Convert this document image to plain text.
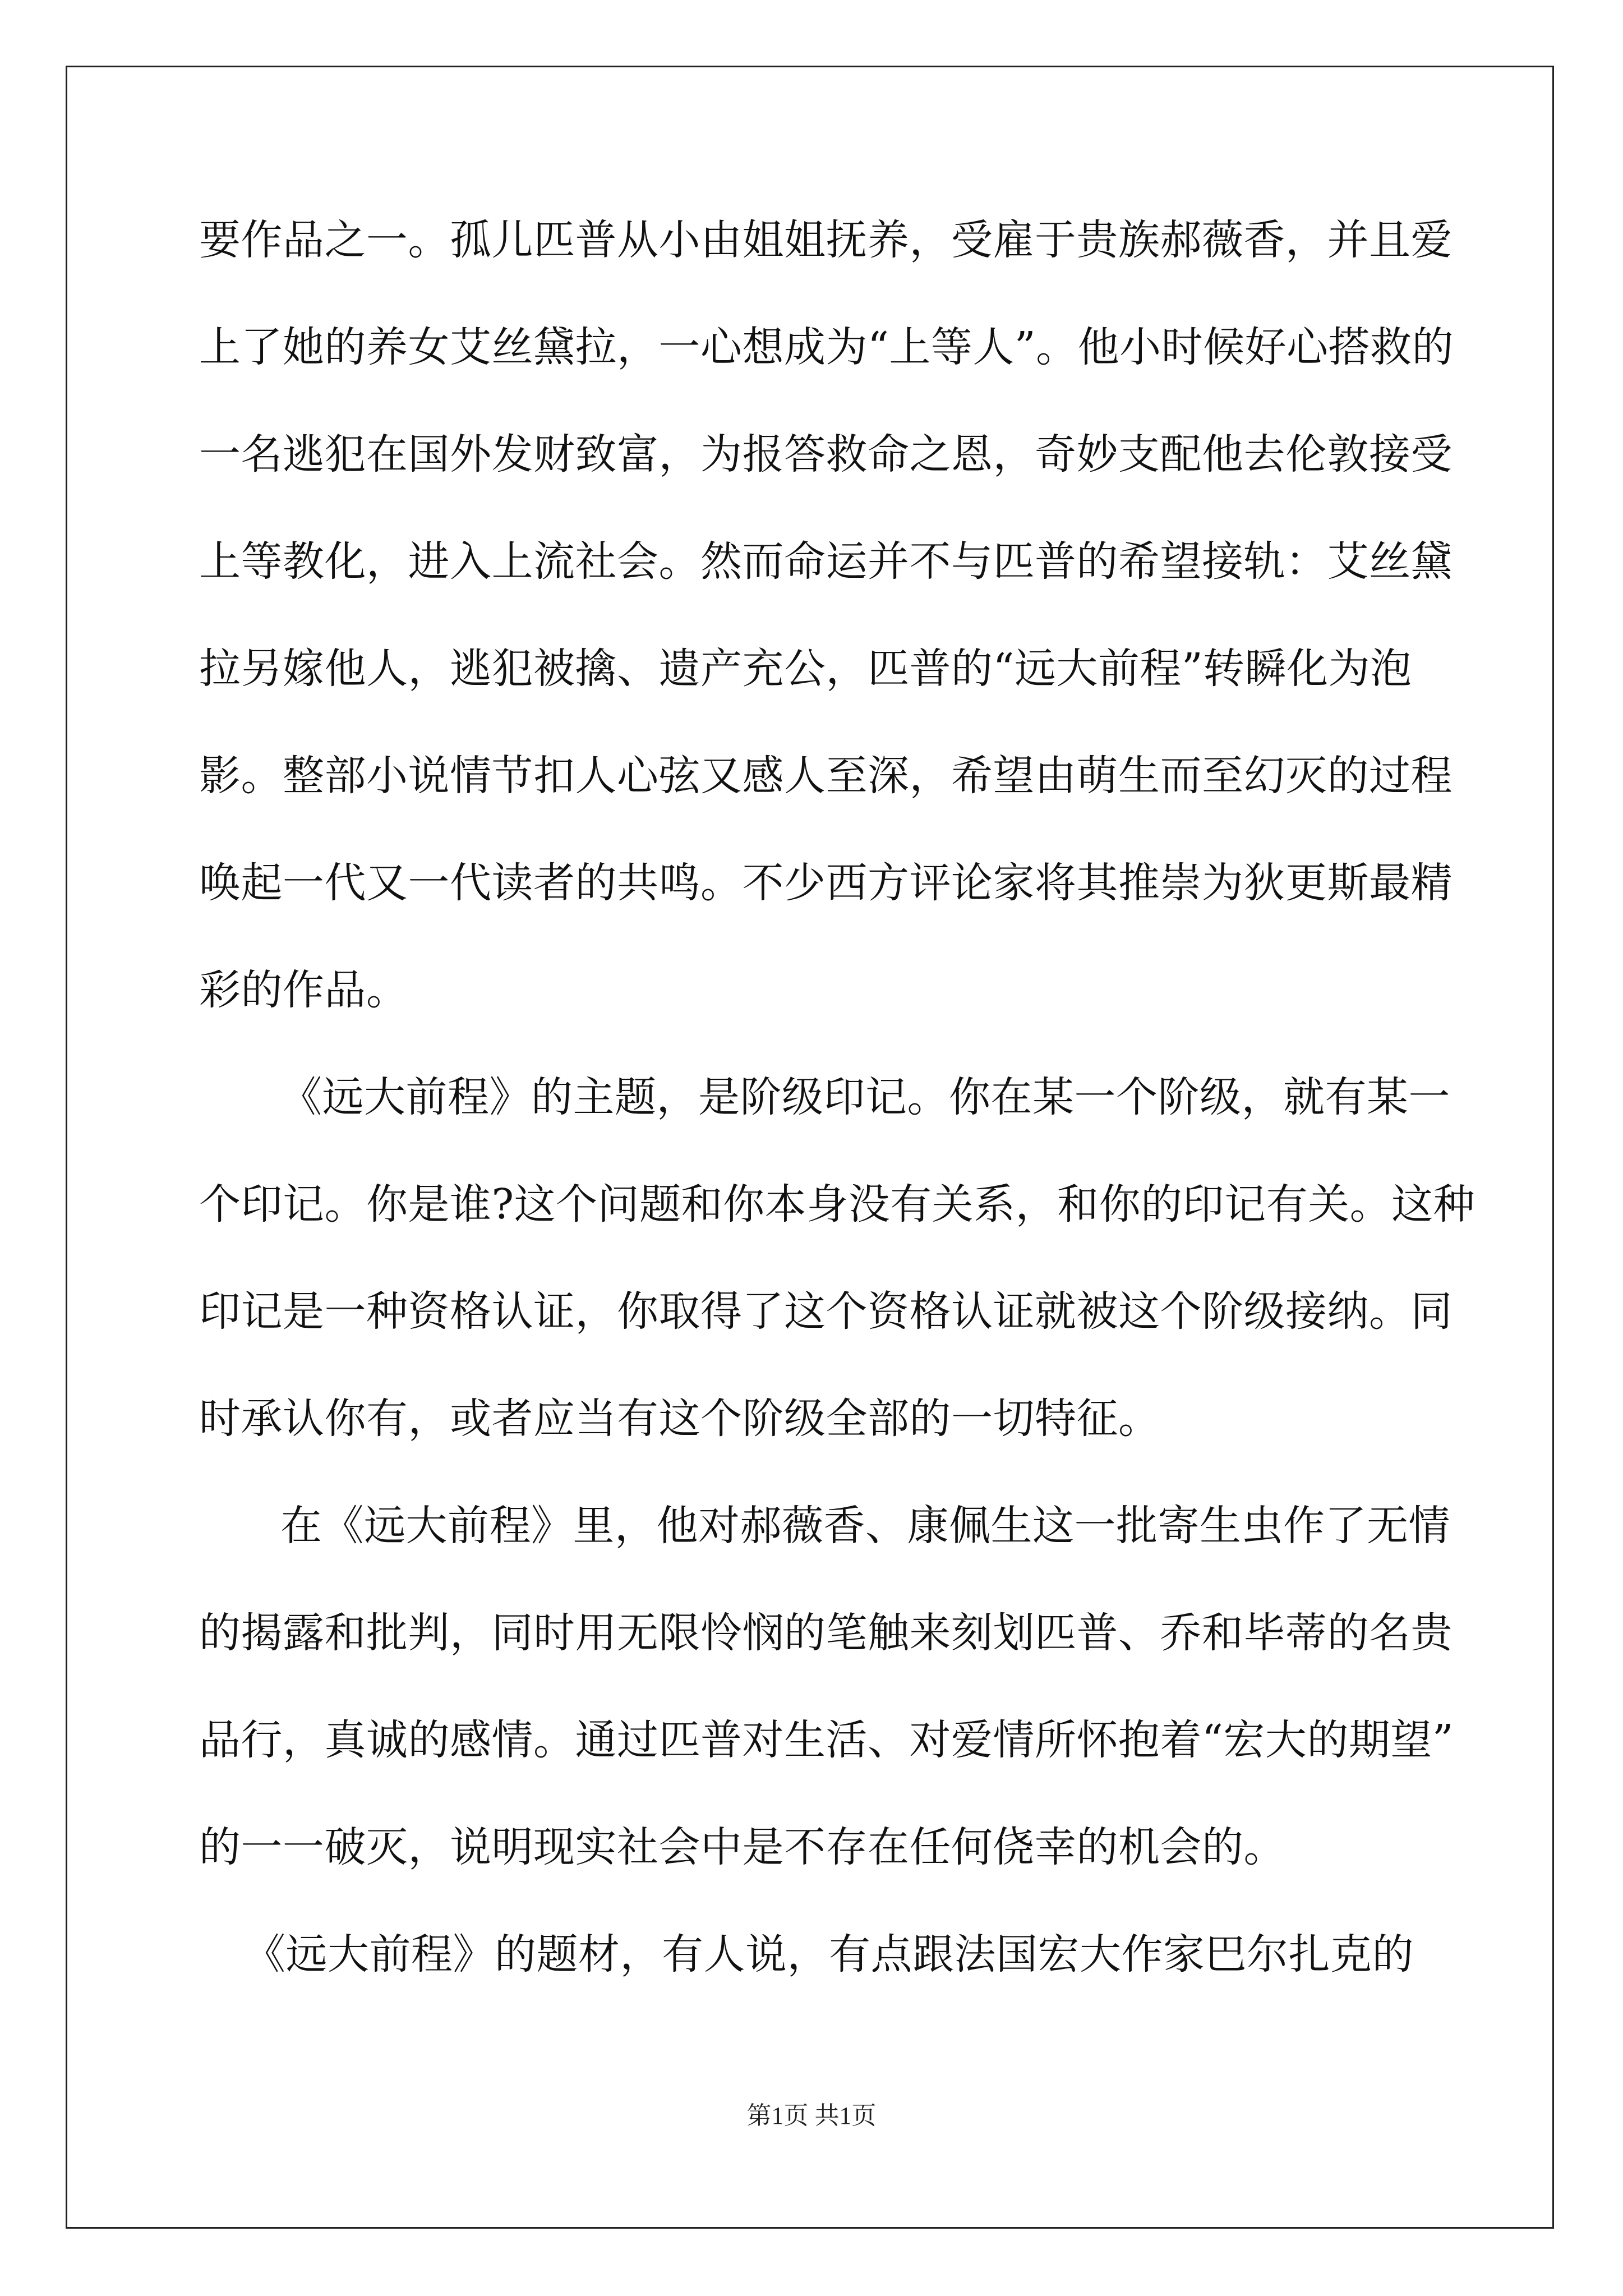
要作品之一。孤儿匹普从小由姐姐抚养，受雇于贵族郝薇香，并且爱
上了她的养女艾丝黛拉，一心想成为“上等人”。他小时候好心搭救的
一名逃犯在国外发财致富，为报答救命之恩，奇妙支配他去伦敦接受
上等教化，进入上流社会。然而命运并不与匹普的希望接轨：艾丝黛
拉另嫁他人，逃犯被擒、遗产充公，匹普的“远大前程”转瞬化为泡
影。整部小说情节扣人心弦又感人至深，希望由萌生而至幻灭的过程
唤起一代又一代读者的共鸣。不少西方评论家将其推崇为狄更斯最精
彩的作品。
《远大前程》的主题，是阶级印记。你在某一个阶级，就有某一
个印记。你是谁?这个问题和你本身没有关系，和你的印记有关。这种
印记是一种资格认证，你取得了这个资格认证就被这个阶级接纳。同
时承认你有，或者应当有这个阶级全部的一切特征。
在《远大前程》里，他对郝薇香、康佩生这一批寄生虫作了无情
的揭露和批判，同时用无限怜悯的笔触来刻划匹普、乔和毕蒂的名贵
品行，真诚的感情。通过匹普对生活、对爱情所怀抱着“宏大的期望”
的一一破灭，说明现实社会中是不存在任何侥幸的机会的。
《远大前程》的题材，有人说，有点跟法国宏大作家巴尔扎克的
第1页 共1页
